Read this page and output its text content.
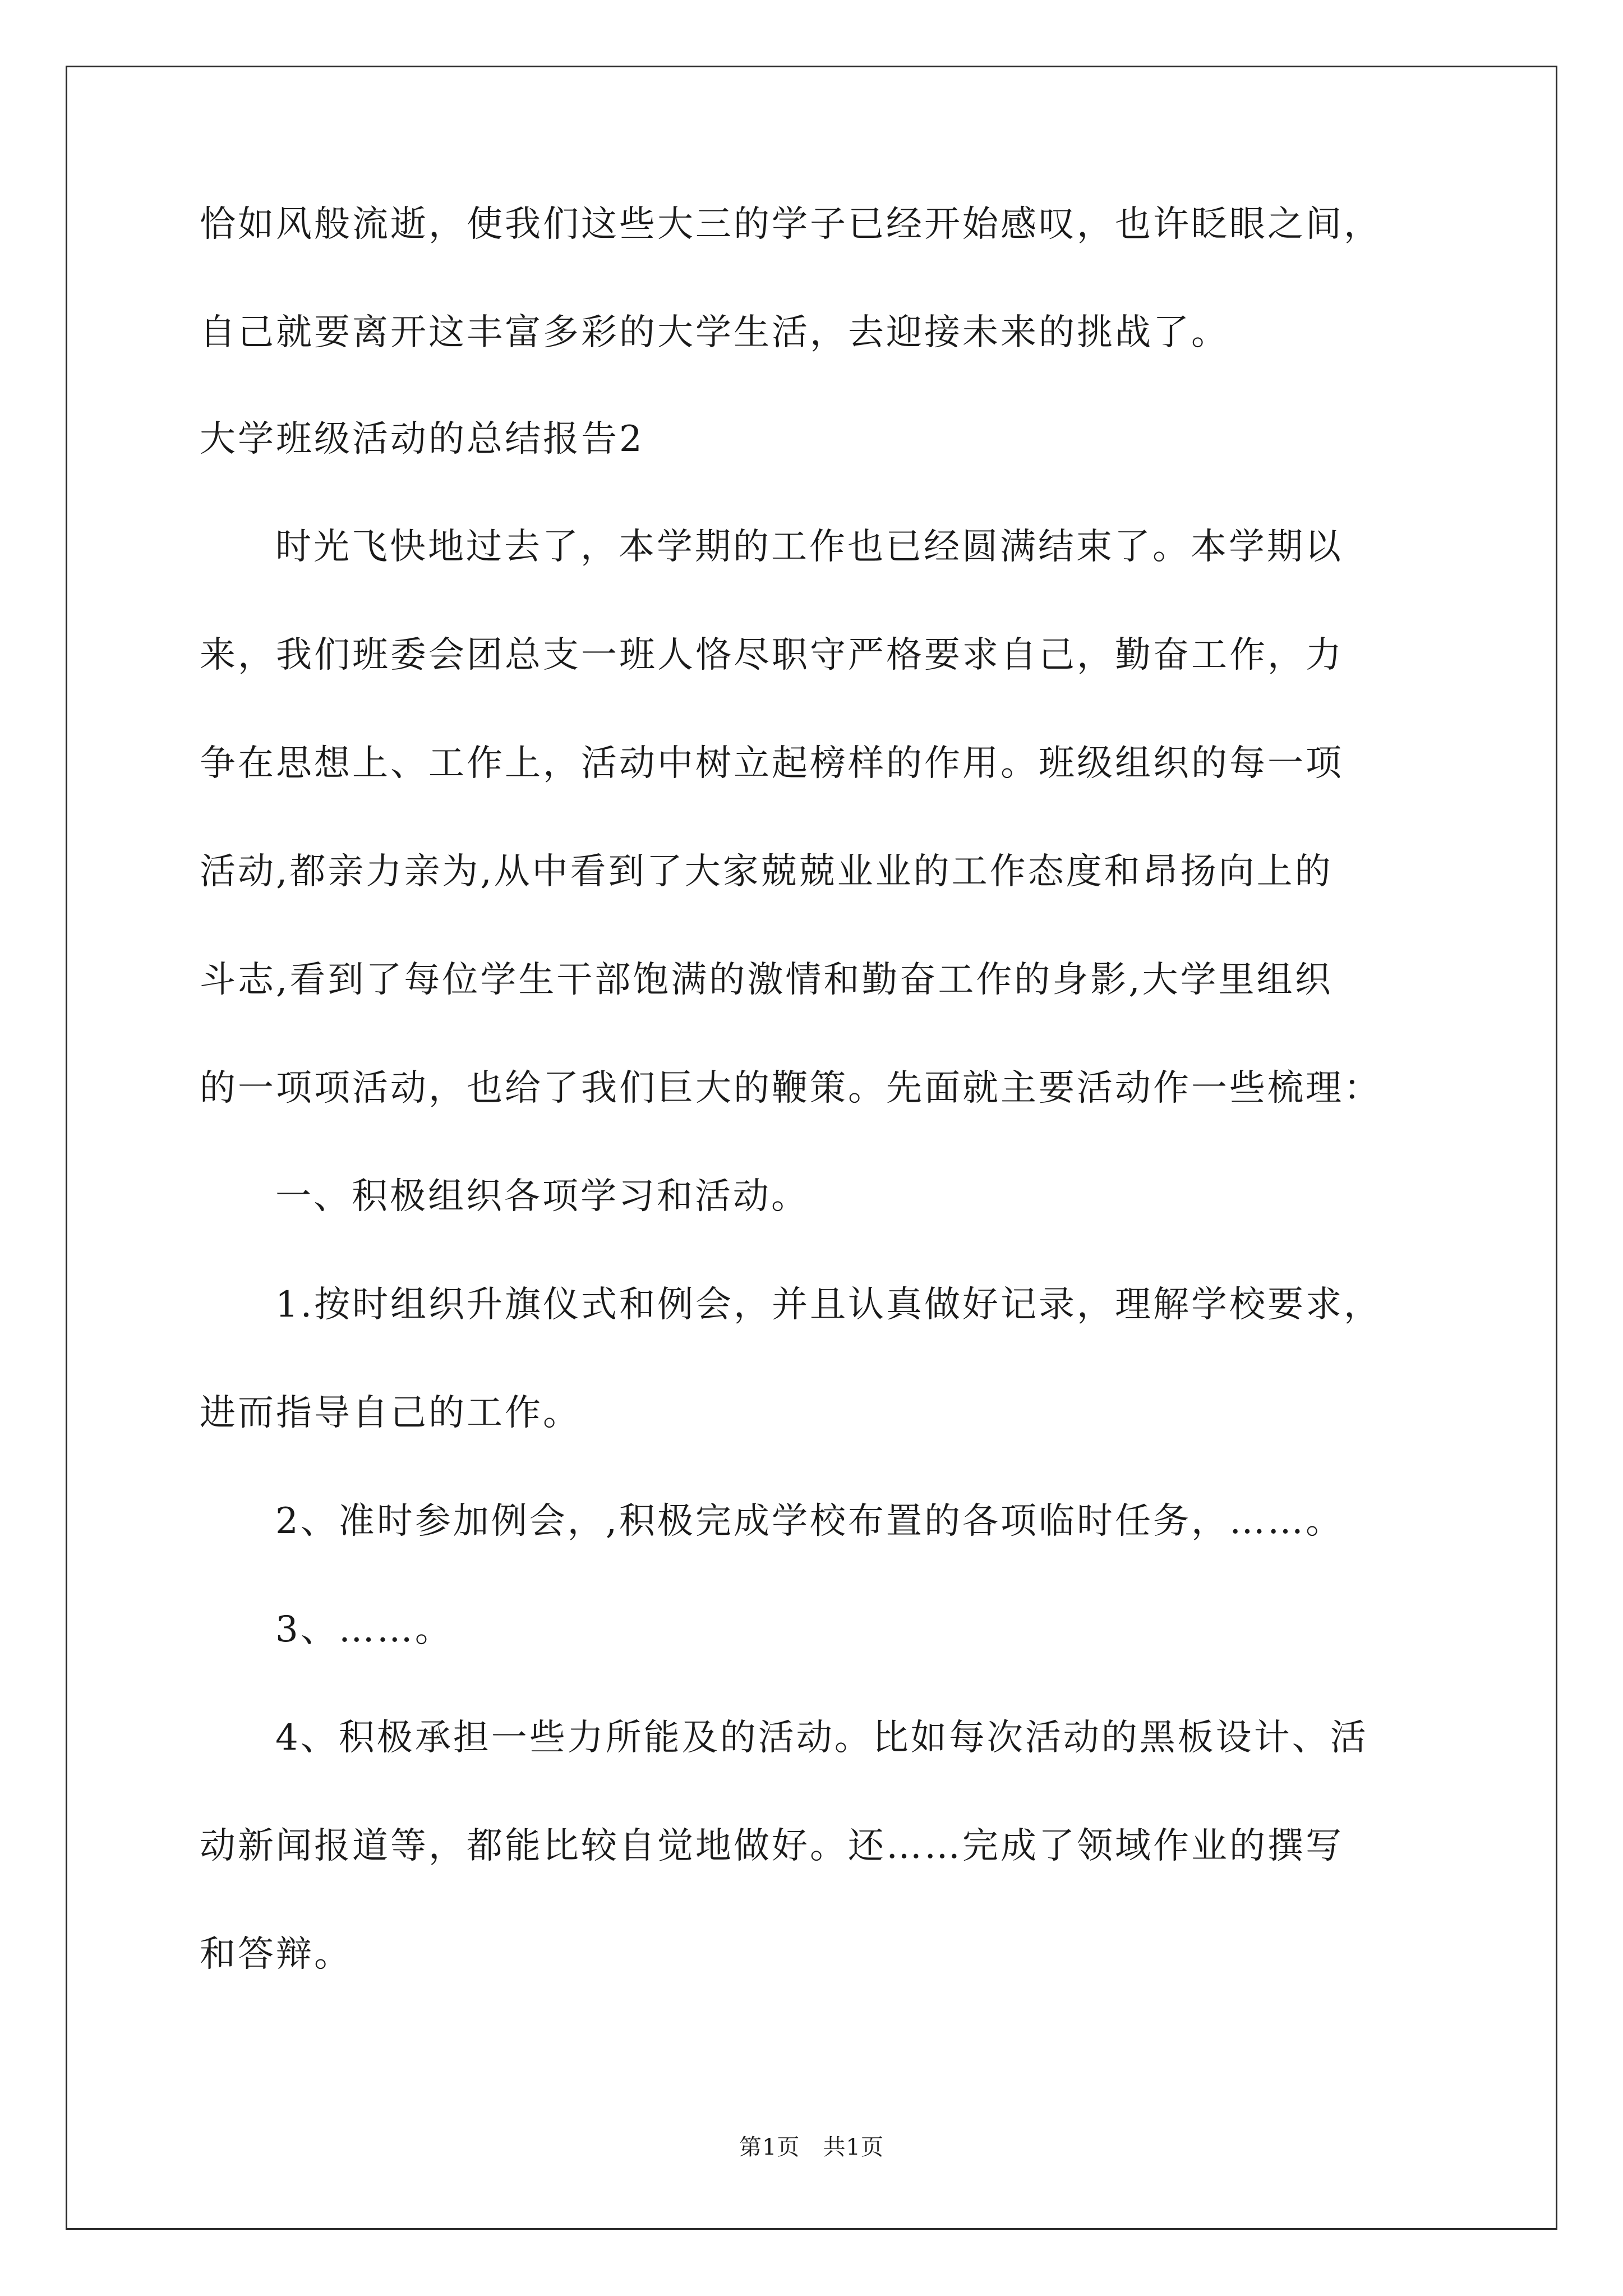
恰如风般流逝，使我们这些大三的学子已经开始感叹，也许眨眼之间，
自己就要离开这丰富多彩的大学生活，去迎接未来的挑战了。
大学班级活动的总结报告2
时光飞快地过去了，本学期的工作也已经圆满结束了。本学期以
来，我们班委会团总支一班人恪尽职守严格要求自己，勤奋工作，力
争在思想上、工作上，活动中树立起榜样的作用。班级组织的每一项
活动,都亲力亲为,从中看到了大家兢兢业业的工作态度和昂扬向上的
斗志,看到了每位学生干部饱满的激情和勤奋工作的身影,大学里组织
的一项项活动，也给了我们巨大的鞭策。先面就主要活动作一些梳理：
一、积极组织各项学习和活动。
1.按时组织升旗仪式和例会，并且认真做好记录，理解学校要求，
进而指导自己的工作。
2、准时参加例会，,积极完成学校布置的各项临时任务，……。
3、……。
4、积极承担一些力所能及的活动。比如每次活动的黑板设计、活
动新闻报道等，都能比较自觉地做好。还……完成了领域作业的撰写
和答辩。
第1页   共1页
